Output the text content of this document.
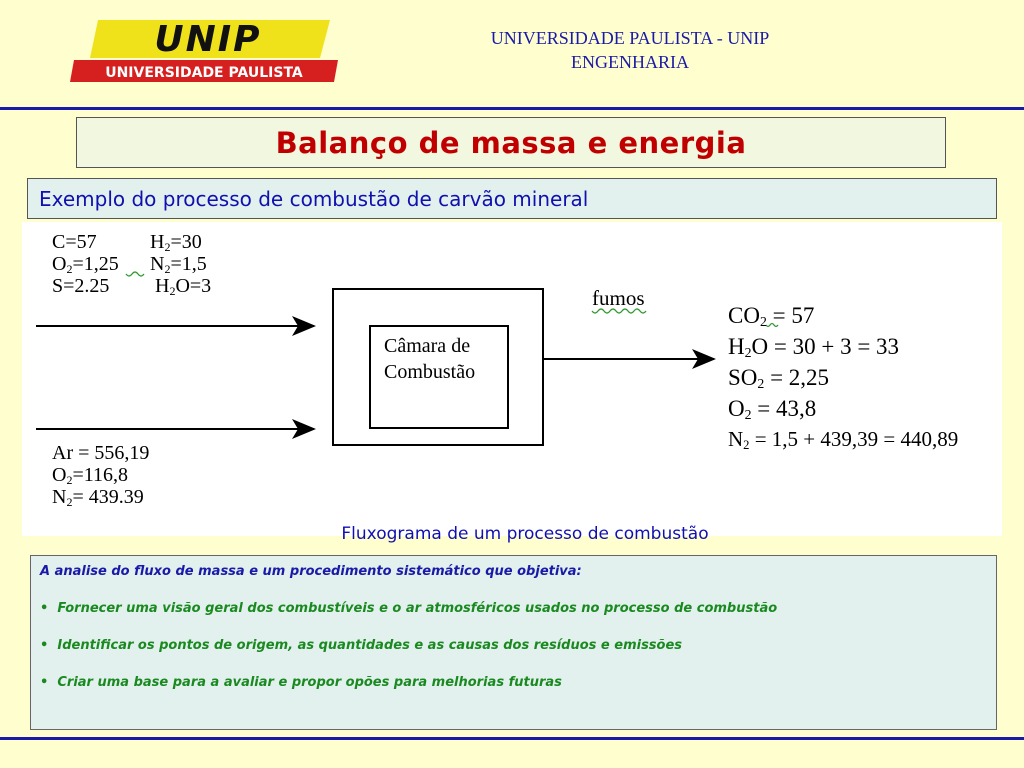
UNIP
UNIVERSIDADE PAULISTA
UNIVERSIDADE PAULISTA - UNIP
ENGENHARIA
Balanço de massa e energia
Exemplo do processo de combustão de carvão mineral
C=57	$H_2=30$
$O_2=1,25$ $N_2=1,5$
S=2.25 $H_2O=3$
Ar = 556,19
$O_2=116,8$
$N_2= 439.39$
Câmara de
Combustão
fumos
$CO_2 = 57$
$H_2O = 30 + 3 = 33$
$SO_2 = 2,25$
$O_2 = 43,8$
$N_2 = 1,5 + 439,39 = 440,89$
Fluxograma de um processo de combustão

A analise do fluxo de massa e um procedimento sistemático que objetiva:

•  Fornecer uma visão geral dos combustíveis e o ar atmosféricos usados no processo de combustão

•  Identificar os pontos de origem, as quantidades e as causas dos resíduos e emissões

•  Criar uma base para a avaliar e propor opões para melhorias futuras
